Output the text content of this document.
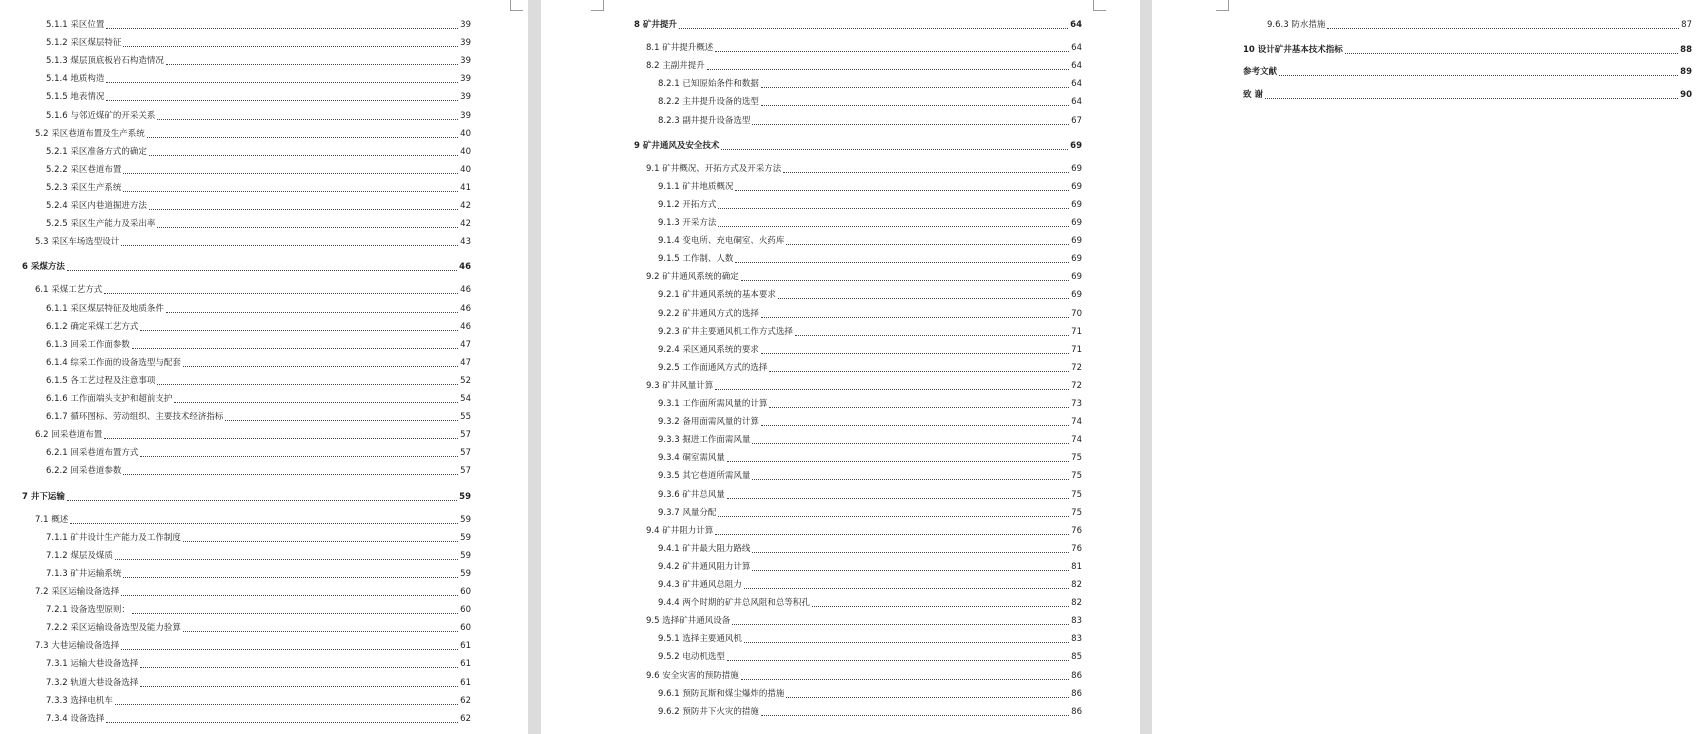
5.1.1 采区位置	39
5.1.2 采区煤层特征	39
5.1.3 煤层顶底板岩石构造情况	39
5.1.4 地质构造	39
5.1.5 地表情况	39
5.1.6 与邻近煤矿的开采关系	39
5.2 采区巷道布置及生产系统	40
5.2.1 采区准备方式的确定	40
5.2.2 采区巷道布置	40
5.2.3 采区生产系统	41
5.2.4 采区内巷道掘进方法	42
5.2.5 采区生产能力及采出率	42
5.3 采区车场选型设计	43
6 采煤方法	46
6.1 采煤工艺方式	46
6.1.1 采区煤层特征及地质条件	46
6.1.2 确定采煤工艺方式	46
6.1.3 回采工作面参数	47
6.1.4 综采工作面的设备选型与配套	47
6.1.5 各工艺过程及注意事项	52
6.1.6 工作面端头支护和超前支护	54
6.1.7 循环图标、劳动组织、主要技术经济指标	55
6.2 回采巷道布置	57
6.2.1 回采巷道布置方式	57
6.2.2 回采巷道参数	57
7 井下运输	59
7.1 概述	59
7.1.1 矿井设计生产能力及工作制度	59
7.1.2 煤层及煤质	59
7.1.3 矿井运输系统	59
7.2 采区运输设备选择	60
7.2.1 设备选型原则：	60
7.2.2 采区运输设备选型及能力验算	60
7.3 大巷运输设备选择	61
7.3.1 运输大巷设备选择	61
7.3.2 轨道大巷设备选择	61
7.3.3 选择电机车	62
7.3.4 设备选择	62
8 矿井提升	64
8.1 矿井提升概述	64
8.2 主副井提升	64
8.2.1 已知原始条件和数据	64
8.2.2 主井提升设备的选型	64
8.2.3 副井提升设备选型	67
9 矿井通风及安全技术	69
9.1 矿井概况、开拓方式及开采方法	69
9.1.1 矿井地质概况	69
9.1.2 开拓方式	69
9.1.3 开采方法	69
9.1.4 变电所、充电硐室、火药库	69
9.1.5 工作制、人数	69
9.2 矿井通风系统的确定	69
9.2.1 矿井通风系统的基本要求	69
9.2.2 矿井通风方式的选择	70
9.2.3 矿井主要通风机工作方式选择	71
9.2.4 采区通风系统的要求	71
9.2.5 工作面通风方式的选择	72
9.3 矿井风量计算	72
9.3.1 工作面所需风量的计算	73
9.3.2 备用面需风量的计算	74
9.3.3 掘进工作面需风量	74
9.3.4 硐室需风量	75
9.3.5 其它巷道所需风量	75
9.3.6 矿井总风量	75
9.3.7 风量分配	75
9.4 矿井阻力计算	76
9.4.1 矿井最大阻力路线	76
9.4.2 矿井通风阻力计算	81
9.4.3 矿井通风总阻力	82
9.4.4 两个时期的矿井总风阻和总等积孔	82
9.5 选择矿井通风设备	83
9.5.1 选择主要通风机	83
9.5.2 电动机选型	85
9.6 安全灾害的预防措施	86
9.6.1 预防瓦斯和煤尘爆炸的措施	86
9.6.2 预防井下火灾的措施	86
9.6.3 防水措施	87
10 设计矿井基本技术指标	88
参考文献	89
致 谢	90
